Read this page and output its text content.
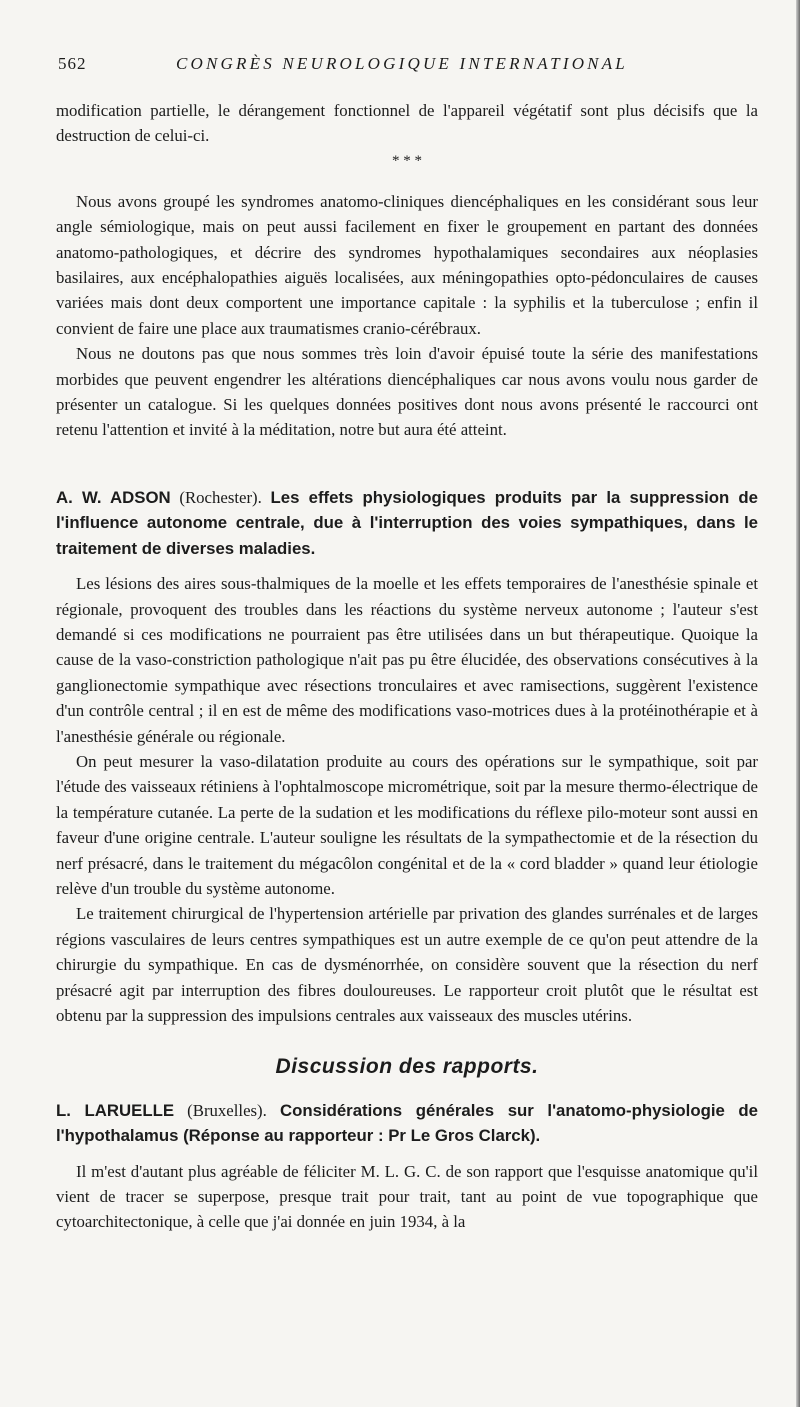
562	CONGRÈS NEUROLOGIQUE INTERNATIONAL

modification partielle, le dérangement fonctionnel de l'appareil végétatif sont plus décisifs que la destruction de celui-ci.

* * *

Nous avons groupé les syndromes anatomo-cliniques diencéphaliques en les considérant sous leur angle sémiologique, mais on peut aussi facilement en fixer le groupement en partant des données anatomo-pathologiques, et décrire des syndromes hypothalamiques secondaires aux néoplasies basilaires, aux encéphalopathies aiguës localisées, aux méningopathies opto-pédonculaires de causes variées mais dont deux comportent une importance capitale : la syphilis et la tuberculose ; enfin il convient de faire une place aux traumatismes cranio-cérébraux.

Nous ne doutons pas que nous sommes très loin d'avoir épuisé toute la série des manifestations morbides que peuvent engendrer les altérations diencéphaliques car nous avons voulu nous garder de présenter un catalogue. Si les quelques données positives dont nous avons présenté le raccourci ont retenu l'attention et invité à la méditation, notre but aura été atteint.

A. W. ADSON (Rochester). Les effets physiologiques produits par la suppression de l'influence autonome centrale, due à l'interruption des voies sympathiques, dans le traitement de diverses maladies.

Les lésions des aires sous-thalmiques de la moelle et les effets temporaires de l'anesthésie spinale et régionale, provoquent des troubles dans les réactions du système nerveux autonome ; l'auteur s'est demandé si ces modifications ne pourraient pas être utilisées dans un but thérapeutique. Quoique la cause de la vaso-constriction pathologique n'ait pas pu être élucidée, des observations consécutives à la ganglionectomie sympathique avec résections tronculaires et avec ramisections, suggèrent l'existence d'un contrôle central ; il en est de même des modifications vaso-motrices dues à la protéinothérapie et à l'anesthésie générale ou régionale.

On peut mesurer la vaso-dilatation produite au cours des opérations sur le sympathique, soit par l'étude des vaisseaux rétiniens à l'ophtalmoscope micrométrique, soit par la mesure thermo-électrique de la température cutanée. La perte de la sudation et les modifications du réflexe pilo-moteur sont aussi en faveur d'une origine centrale. L'auteur souligne les résultats de la sympathectomie et de la résection du nerf présacré, dans le traitement du mégacôlon congénital et de la « cord bladder » quand leur étiologie relève d'un trouble du système autonome.

Le traitement chirurgical de l'hypertension artérielle par privation des glandes surrénales et de larges régions vasculaires de leurs centres sympathiques est un autre exemple de ce qu'on peut attendre de la chirurgie du sympathique. En cas de dysménorrhée, on considère souvent que la résection du nerf présacré agit par interruption des fibres douloureuses. Le rapporteur croit plutôt que le résultat est obtenu par la suppression des impulsions centrales aux vaisseaux des muscles utérins.

Discussion des rapports.

L. LARUELLE (Bruxelles). Considérations générales sur l'anatomo-physiologie de l'hypothalamus (Réponse au rapporteur : Pr Le Gros Clarck).

Il m'est d'autant plus agréable de féliciter M. L. G. C. de son rapport que l'esquisse anatomique qu'il vient de tracer se superpose, presque trait pour trait, tant au point de vue topographique que cytoarchitectonique, à celle que j'ai donnée en juin 1934, à la
